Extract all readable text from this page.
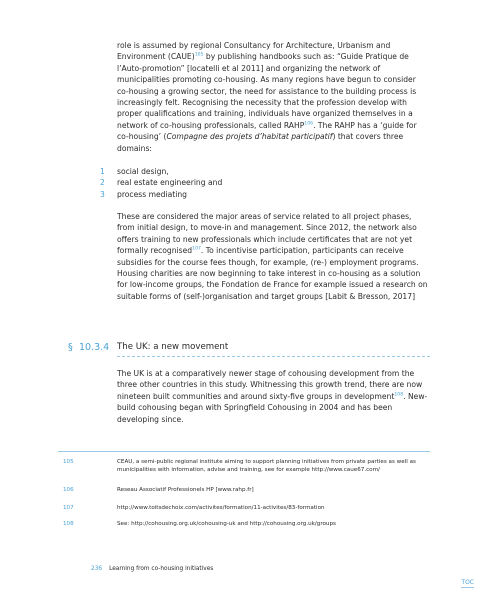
role is assumed by regional Consultancy for Architecture, Urbanism and Environment (CAUE)$^{105}$ by publishing handbooks such as: “Guide Pratique de l’Auto-promotion” [locatelli et al 2011] and organizing the network of municipalities promoting co-housing. As many regions have begun to consider co-housing a growing sector, the need for assistance to the building process is increasingly felt. Recognising the necessity that the profession develop with proper qualifications and training, individuals have organized themselves in a network of co-housing professionals, called RAHP$^{106}$. The RAHP has a ‘guide for co-housing’ (Compagne des projets d’habitat participatif) that covers three domains:

1	social design,
2	real estate engineering and
3	process mediating

These are considered the major areas of service related to all project phases, from initial design, to move-in and management. Since 2012, the network also offers training to new professionals which include certificates that are not yet formally recognised$^{107}$. To incentivise participation, participants can receive subsidies for the course fees though, for example, (re-) employment programs. Housing charities are now beginning to take interest in co-housing as a solution for low-income groups, the Fondation de France for example issued a research on suitable forms of (self-)organisation and target groups [Labit & Bresson, 2017]

§ 10.3.4 The UK: a new movement

The UK is at a comparatively newer stage of cohousing development from the three other countries in this study. Whitnessing this growth trend, there are now nineteen built communities and around sixty-five groups in development$^{108}$. New-build cohousing began with Springfield Cohousing in 2004 and has been developing since.

105	CEAU, a semi-public regional institute aiming to support planning initiatives from private parties as well as municipalities with information, advise and training, see for example http://www.caue67.com/
106	Reseau Associatif Professionels HP [www.rahp.fr]
107	http://www.toitsdechoix.com/activites/formation/11-activites/83-formation
108	See: http://cohousing.org.uk/cohousing-uk and http://cohousing.org.uk/groups
236 Learning from co-housing initiatives
TOC
